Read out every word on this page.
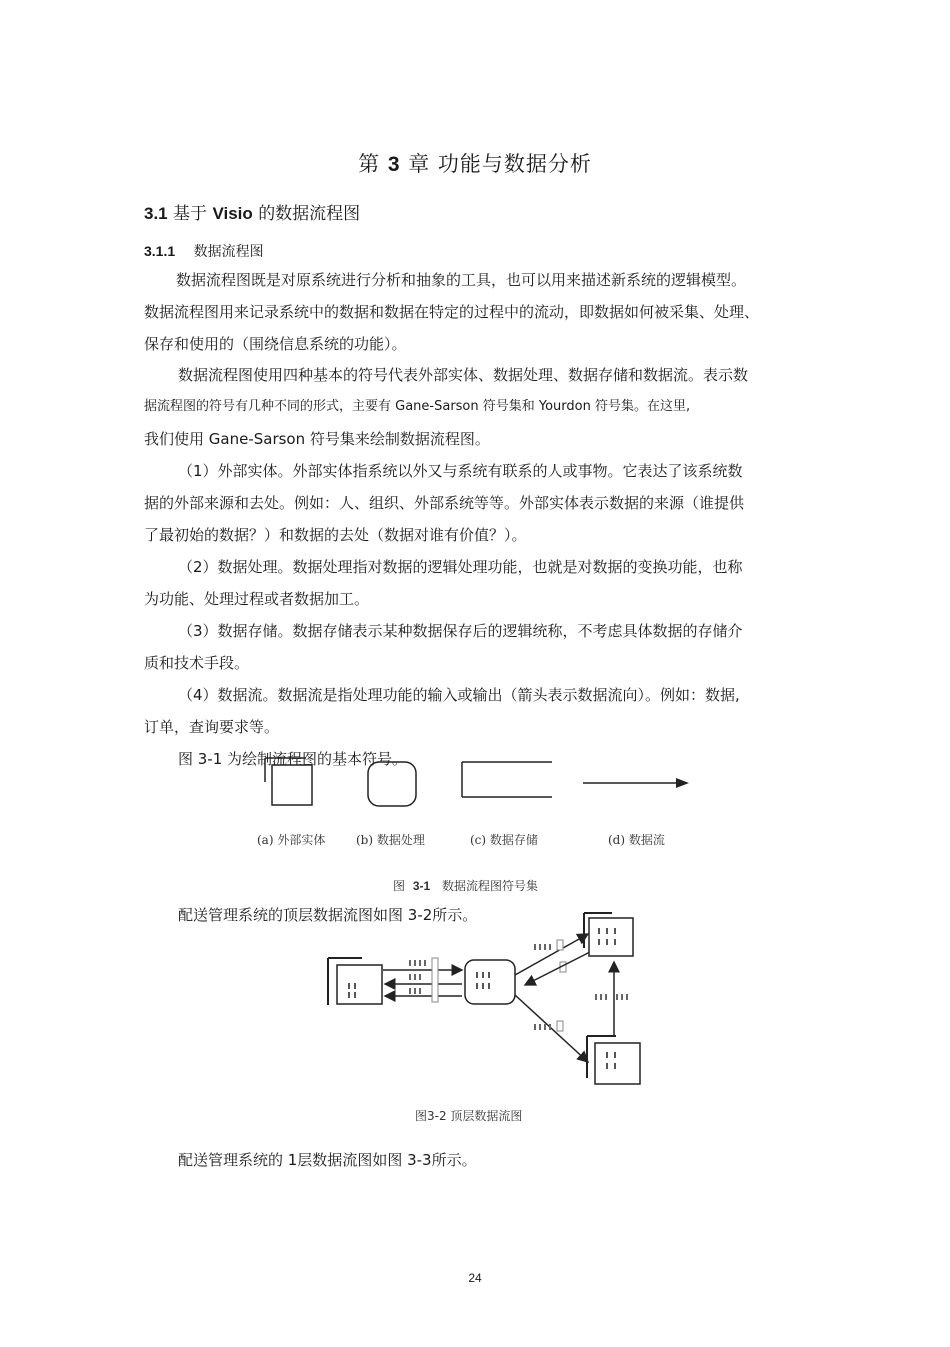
第 3 章 功能与数据分析
3.1 基于 Visio 的数据流程图
3.1.1 数据流程图
数据流程图既是对原系统进行分析和抽象的工具，也可以用来描述新系统的逻辑模型。
数据流程图用来记录系统中的数据和数据在特定的过程中的流动，即数据如何被采集、处理、
保存和使用的（围绕信息系统的功能）。
数据流程图使用四种基本的符号代表外部实体、数据处理、数据存储和数据流。表示数
据流程图的符号有几种不同的形式，主要有 Gane-Sarson 符号集和 Yourdon 符号集。在这里,
我们使用 Gane-Sarson 符号集来绘制数据流程图。
（1）外部实体。外部实体指系统以外又与系统有联系的人或事物。它表达了该系统数
据的外部来源和去处。例如：人、组织、外部系统等等。外部实体表示数据的来源（谁提供
了最初始的数据？）和数据的去处（数据对谁有价值？）。
（2）数据处理。数据处理指对数据的逻辑处理功能，也就是对数据的变换功能，也称
为功能、处理过程或者数据加工。
（3）数据存储。数据存储表示某种数据保存后的逻辑统称，不考虑具体数据的存储介
质和技术手段。
（4）数据流。数据流是指处理功能的输入或输出（箭头表示数据流向）。例如：数据,
订单，查询要求等。
图 3-1 为绘制流程图的基本符号。
(a) 外部实体	(b) 数据处理	(c) 数据存储	(d) 数据流
图 3-1 数据流程图符号集
配送管理系统的顶层数据流图如图 3-2所示。
图3-2 顶层数据流图
配送管理系统的 1层数据流图如图 3-3所示。
24
